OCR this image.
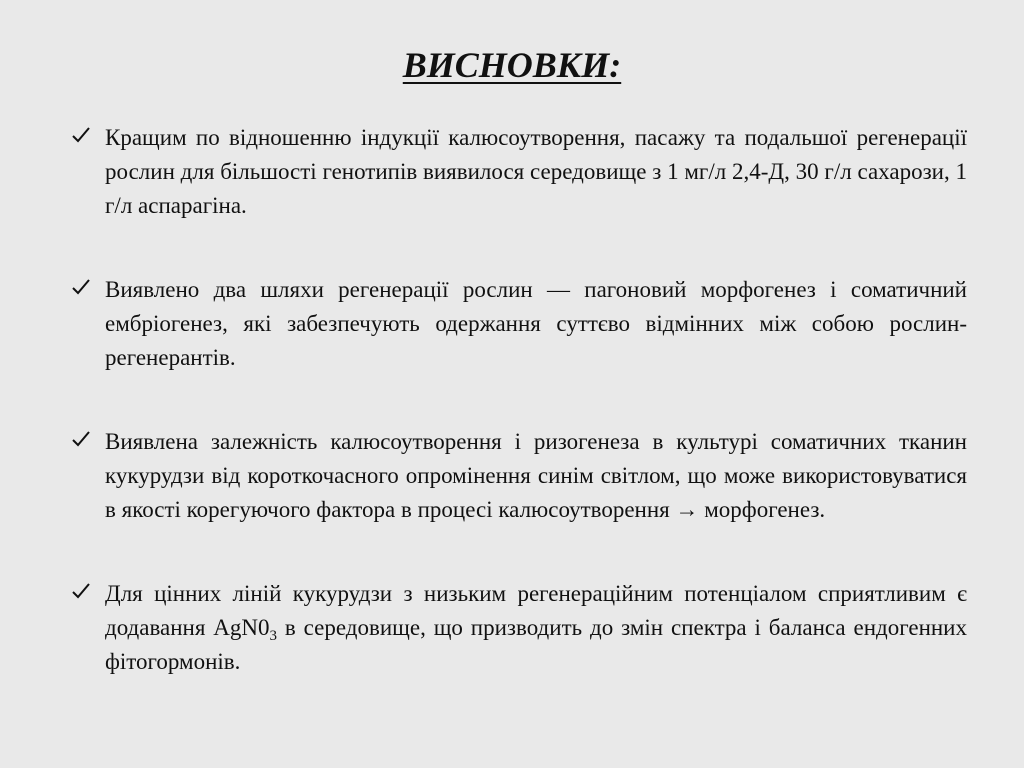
ВИСНОВКИ:
Кращим по відношенню індукції калюсоутворення, пасажу та подальшої регенерації рослин для більшості генотипів виявилося середовище з 1 мг/л 2,4-Д, 30 г/л сахарози, 1 г/л аспарагіна.
Виявлено два шляхи регенерації рослин — пагоновий морфогенез і соматичний ембріогенез, які забезпечують одержання суттєво відмінних між собою рослин-регенерантів.
Виявлена залежність калюсоутворення і ризогенеза в культурі соматичних тканин кукурудзи від короткочасного опромінення синім світлом, що може використовуватися в якості корегуючого фактора в процесі калюсоутворення → морфогенез.
Для цінних ліній кукурудзи з низьким регенераційним потенціалом сприятливим є додавання $AgN0_3$ в середовище, що призводить до змін спектра і баланса ендогенних фітогормонів.
